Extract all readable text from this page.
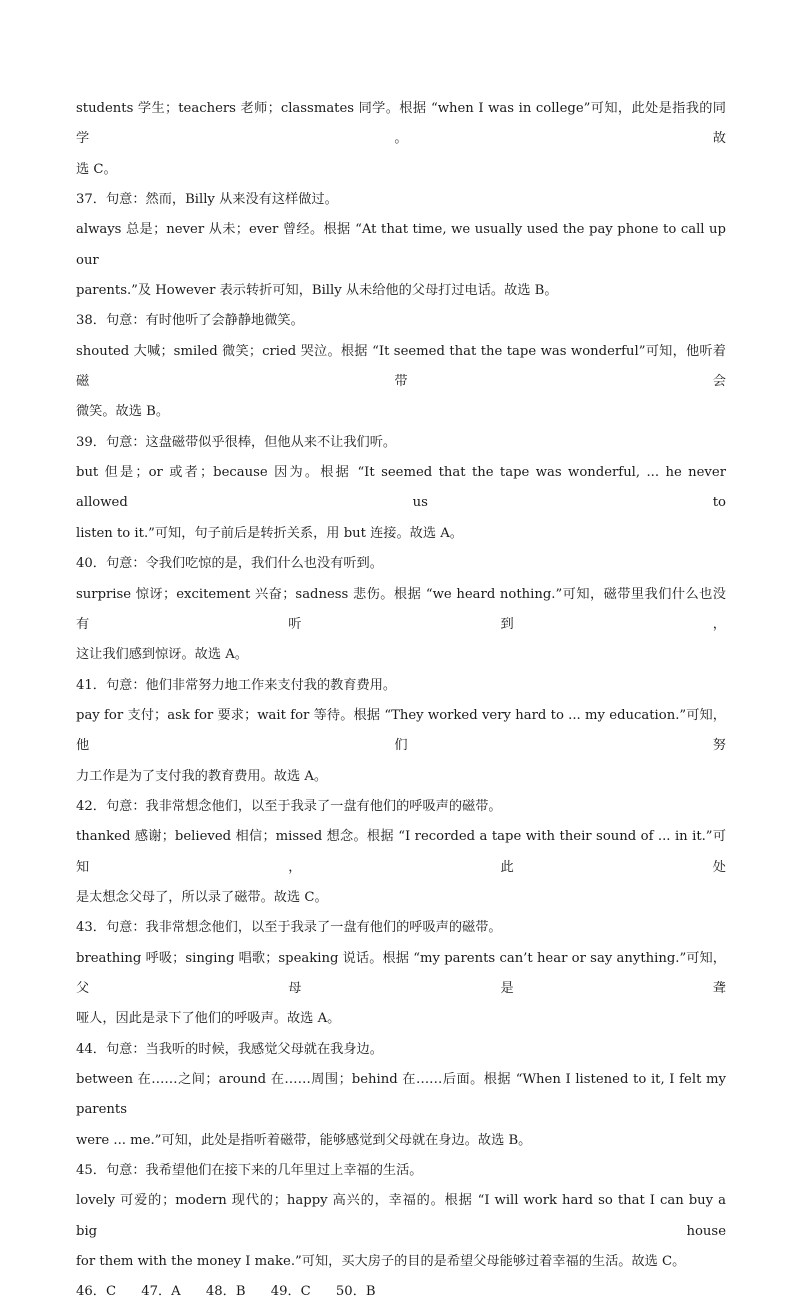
students 学生；teachers 老师；classmates 同学。根据 “when I was in college”可知，此处是指我的同学。故
选 C。
37．句意：然而，Billy 从来没有这样做过。
always 总是；never 从未；ever 曾经。根据 “At that time, we usually used the pay phone to call up our
parents.”及 However 表示转折可知，Billy 从未给他的父母打过电话。故选 B。
38．句意：有时他听了会静静地微笑。
shouted 大喊；smiled 微笑；cried 哭泣。根据 “It seemed that the tape was wonderful”可知，他听着磁带会
微笑。故选 B。
39．句意：这盘磁带似乎很棒，但他从来不让我们听。
but 但是；or 或者；because 因为。根据 “It seemed that the tape was wonderful, ... he never allowed us to
listen to it.”可知，句子前后是转折关系，用 but 连接。故选 A。
40．句意：令我们吃惊的是，我们什么也没有听到。
surprise 惊讶；excitement 兴奋；sadness 悲伤。根据 “we heard nothing.”可知，磁带里我们什么也没有听到，
这让我们感到惊讶。故选 A。
41．句意：他们非常努力地工作来支付我的教育费用。
pay for 支付；ask for 要求；wait for 等待。根据 “They worked very hard to ... my education.”可知，他们努
力工作是为了支付我的教育费用。故选 A。
42．句意：我非常想念他们，以至于我录了一盘有他们的呼吸声的磁带。
thanked 感谢；believed 相信；missed 想念。根据 “I recorded a tape with their sound of ... in it.”可知，此处
是太想念父母了，所以录了磁带。故选 C。
43．句意：我非常想念他们，以至于我录了一盘有他们的呼吸声的磁带。
breathing 呼吸；singing 唱歌；speaking 说话。根据 “my parents can’t hear or say anything.”可知，父母是聋
哑人，因此是录下了他们的呼吸声。故选 A。
44．句意：当我听的时候，我感觉父母就在我身边。
between 在……之间；around 在……周围；behind 在……后面。根据 “When I listened to it, I felt my parents
were ... me.”可知，此处是指听着磁带，能够感觉到父母就在身边。故选 B。
45．句意：我希望他们在接下来的几年里过上幸福的生活。
lovely 可爱的；modern 现代的；happy 高兴的，幸福的。根据 “I will work hard so that I can buy a big house
for them with the money I make.”可知，买大房子的目的是希望父母能够过着幸福的生活。故选 C。
46．C 47．A 48．B 49．C 50．B
